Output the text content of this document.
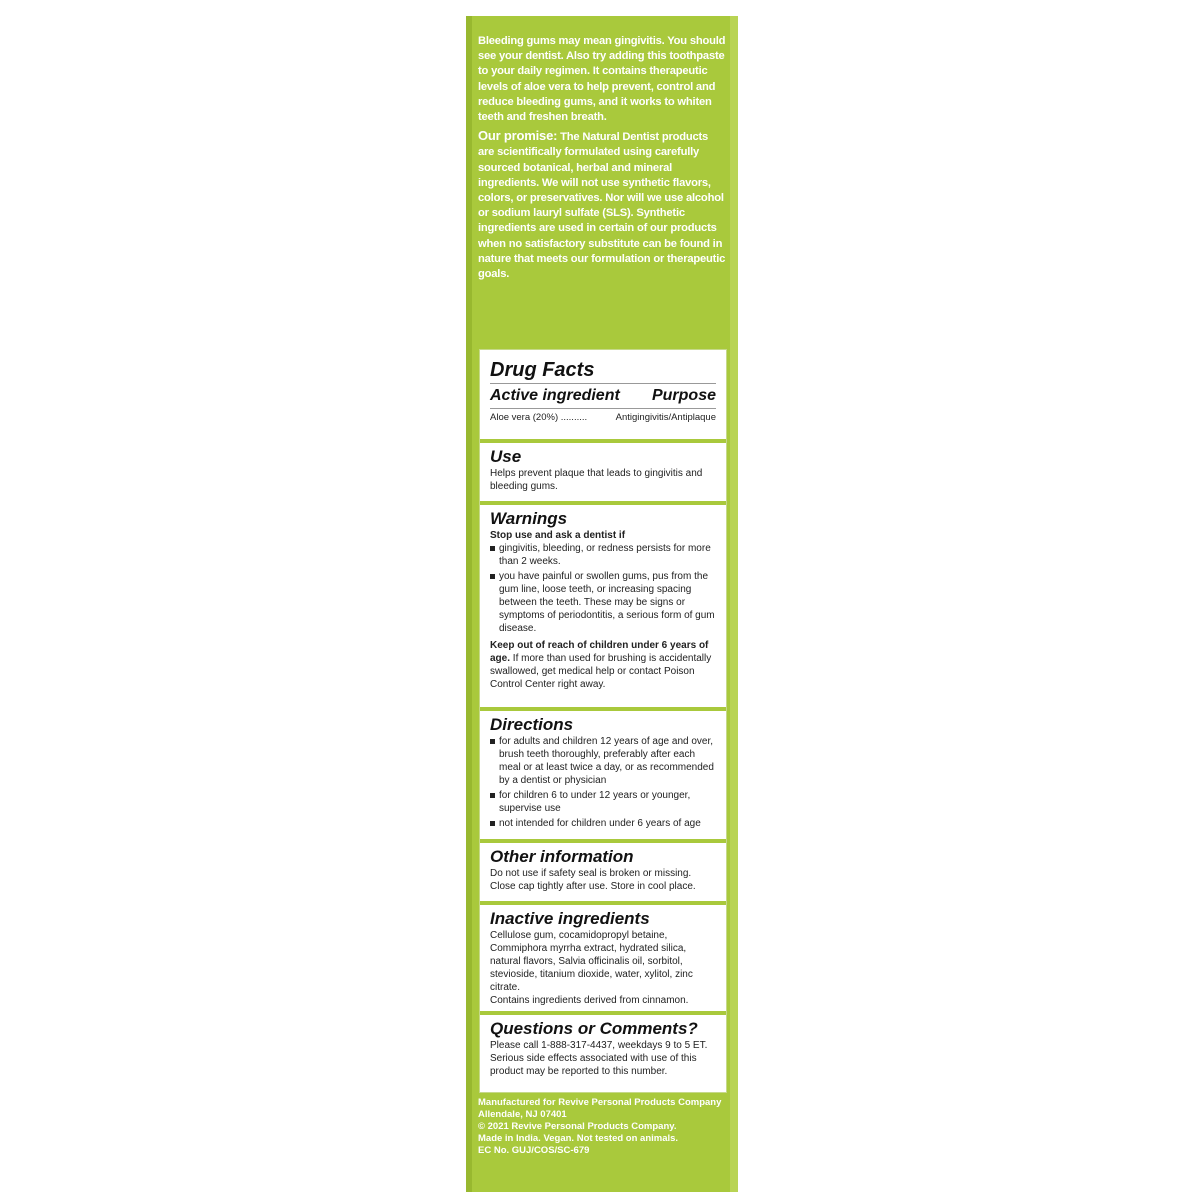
Bleeding gums may mean gingivitis. You should see your dentist. Also try adding this toothpaste to your daily regimen. It contains therapeutic levels of aloe vera to help prevent, control and reduce bleeding gums, and it works to whiten teeth and freshen breath.

Our promise: The Natural Dentist products are scientifically formulated using carefully sourced botanical, herbal and mineral ingredients. We will not use synthetic flavors, colors, or preservatives. Nor will we use alcohol or sodium lauryl sulfate (SLS). Synthetic ingredients are used in certain of our products when no satisfactory substitute can be found in nature that meets our formulation or therapeutic goals.

Drug Facts
Active ingredient Purpose
Aloe vera (20%) ..........	Antigingivitis/Antiplaque
Use
Helps prevent plaque that leads to gingivitis and bleeding gums.
Warnings
Stop use and ask a dentist if
gingivitis, bleeding, or redness persists for more than 2 weeks.
you have painful or swollen gums, pus from the gum line, loose teeth, or increasing spacing between the teeth. These may be signs or symptoms of periodontitis, a serious form of gum disease.
Keep out of reach of children under 6 years of age. If more than used for brushing is accidentally swallowed, get medical help or contact Poison Control Center right away.
Directions
for adults and children 12 years of age and over, brush teeth thoroughly, preferably after each meal or at least twice a day, or as recommended by a dentist or physician
for children 6 to under 12 years or younger, supervise use
not intended for children under 6 years of age
Other information
Do not use if safety seal is broken or missing. Close cap tightly after use. Store in cool place.
Inactive ingredients
Cellulose gum, cocamidopropyl betaine, Commiphora myrrha extract, hydrated silica, natural flavors, Salvia officinalis oil, sorbitol, stevioside, titanium dioxide, water, xylitol, zinc citrate.
Contains ingredients derived from cinnamon.
Questions or Comments?
Please call 1-888-317-4437, weekdays 9 to 5 ET. Serious side effects associated with use of this product may be reported to this number.
Manufactured for Revive Personal Products Company
Allendale, NJ 07401
© 2021 Revive Personal Products Company.
Made in India. Vegan. Not tested on animals.
EC No. GUJ/COS/SC-679
